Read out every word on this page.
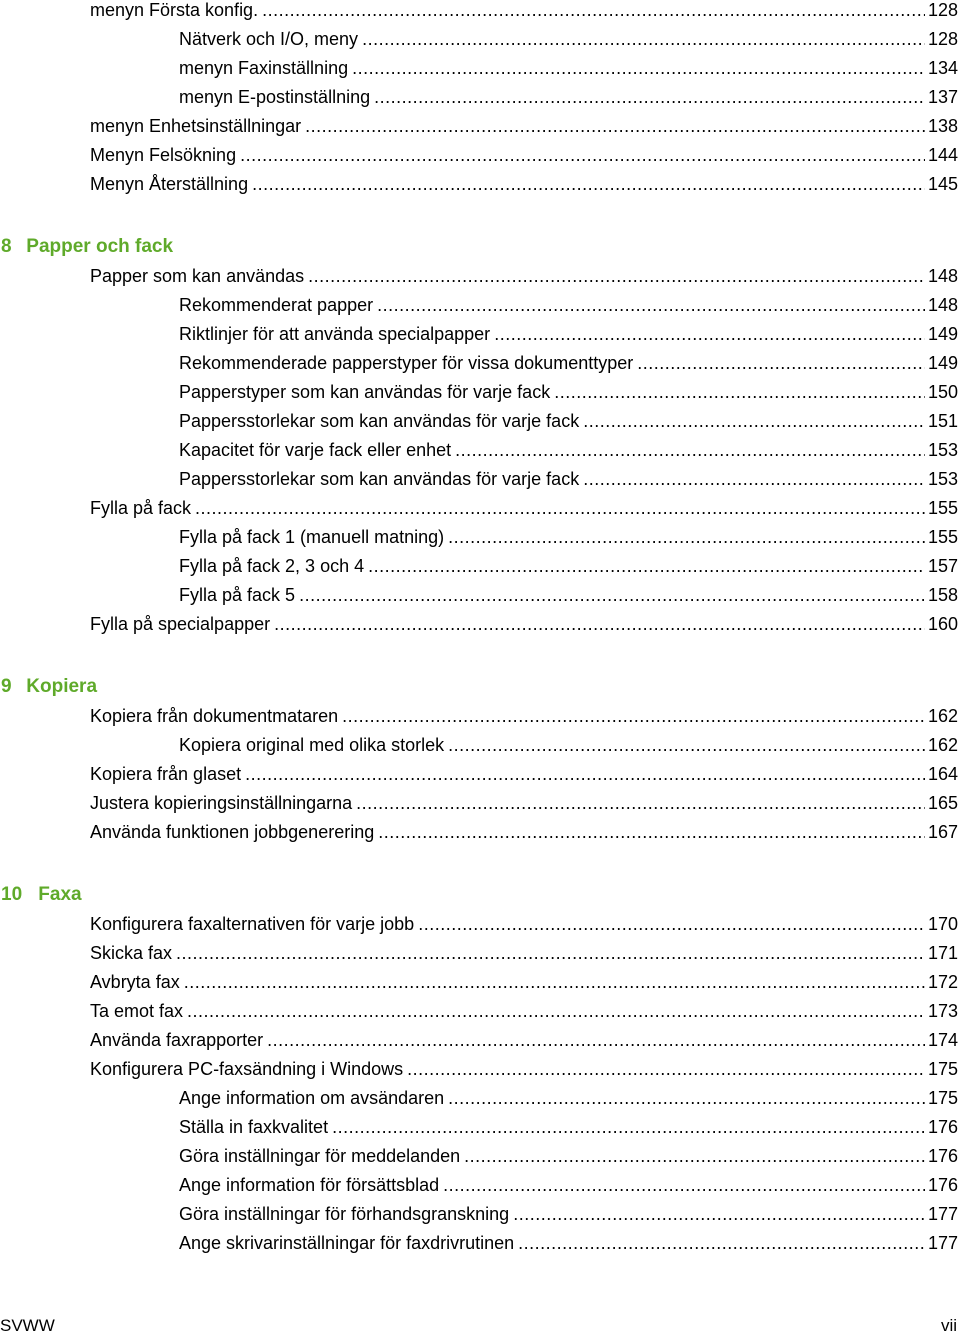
menyn Första konfig. .....	128
Nätverk och I/O, meny .....	128
menyn Faxinställning .....	134
menyn E-postinställning .....	137
menyn Enhetsinställningar .....	138
Menyn Felsökning .....	144
Menyn Återställning .....	145
8 Papper och fack
Papper som kan användas .....	148
Rekommenderat papper .....	148
Riktlinjer för att använda specialpapper .....	149
Rekommenderade papperstyper för vissa dokumenttyper .....	149
Papperstyper som kan användas för varje fack .....	150
Pappersstorlekar som kan användas för varje fack .....	151
Kapacitet för varje fack eller enhet .....	153
Pappersstorlekar som kan användas för varje fack .....	153
Fylla på fack .....	155
Fylla på fack 1 (manuell matning) .....	155
Fylla på fack 2, 3 och 4 .....	157
Fylla på fack 5 .....	158
Fylla på specialpapper .....	160
9 Kopiera
Kopiera från dokumentmataren .....	162
Kopiera original med olika storlek .....	162
Kopiera från glaset .....	164
Justera kopieringsinställningarna .....	165
Använda funktionen jobbgenerering .....	167
10 Faxa
Konfigurera faxalternativen för varje jobb .....	170
Skicka fax .....	171
Avbryta fax .....	172
Ta emot fax .....	173
Använda faxrapporter .....	174
Konfigurera PC-faxsändning i Windows .....	175
Ange information om avsändaren .....	175
Ställa in faxkvalitet .....	176
Göra inställningar för meddelanden .....	176
Ange information för försättsblad .....	176
Göra inställningar för förhandsgranskning .....	177
Ange skrivarinställningar för faxdrivrutinen .....	177
SVWW	vii
